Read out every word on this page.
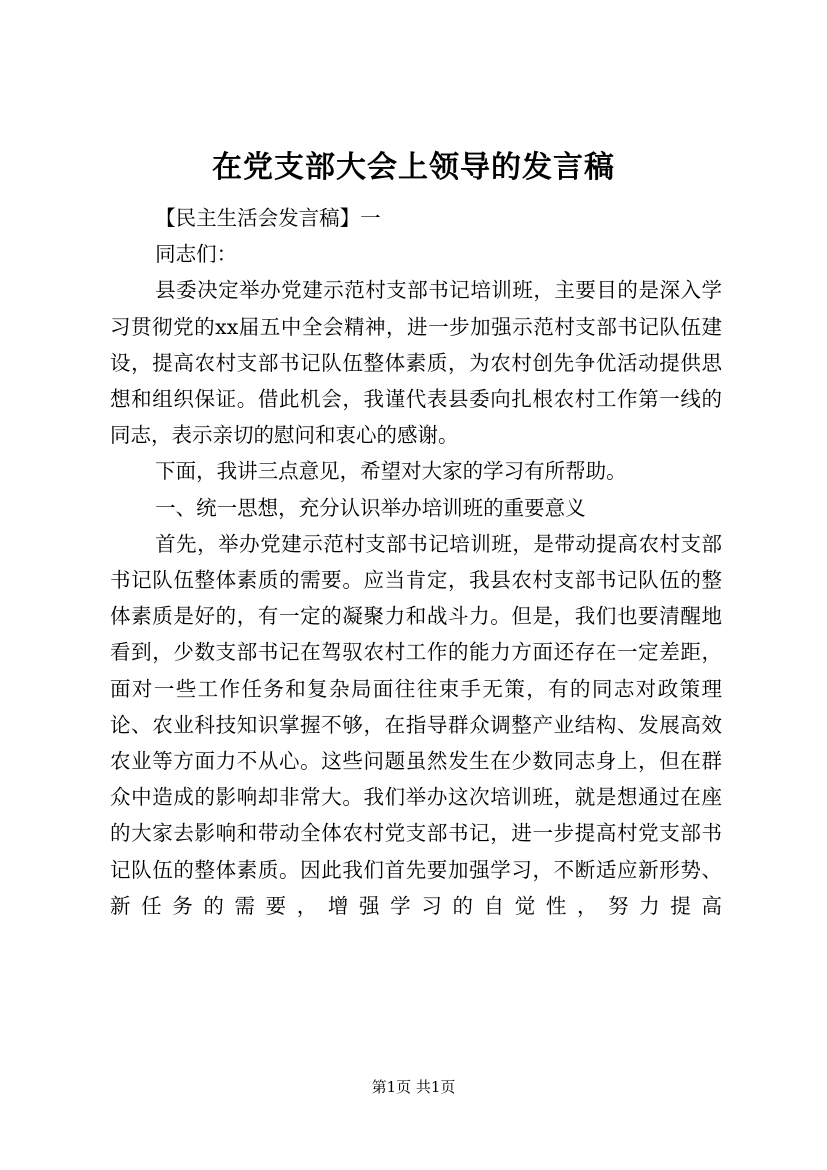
在党支部大会上领导的发言稿

【民主生活会发言稿】一

同志们：

县委决定举办党建示范村支部书记培训班，主要目的是深入学习贯彻党的xx届五中全会精神，进一步加强示范村支部书记队伍建设，提高农村支部书记队伍整体素质，为农村创先争优活动提供思想和组织保证。借此机会，我谨代表县委向扎根农村工作第一线的同志，表示亲切的慰问和衷心的感谢。

下面，我讲三点意见，希望对大家的学习有所帮助。

一、统一思想，充分认识举办培训班的重要意义

首先，举办党建示范村支部书记培训班，是带动提高农村支部书记队伍整体素质的需要。应当肯定，我县农村支部书记队伍的整体素质是好的，有一定的凝聚力和战斗力。但是，我们也要清醒地看到，少数支部书记在驾驭农村工作的能力方面还存在一定差距，面对一些工作任务和复杂局面往往束手无策，有的同志对政策理论、农业科技知识掌握不够，在指导群众调整产业结构、发展高效农业等方面力不从心。这些问题虽然发生在少数同志身上，但在群众中造成的影响却非常大。我们举办这次培训班，就是想通过在座的大家去影响和带动全体农村党支部书记，进一步提高村党支部书记队伍的整体素质。因此我们首先要加强学习，不断适应新形势、新任务的需要，增强学习的自觉性，努力提高

第1页 共1页
